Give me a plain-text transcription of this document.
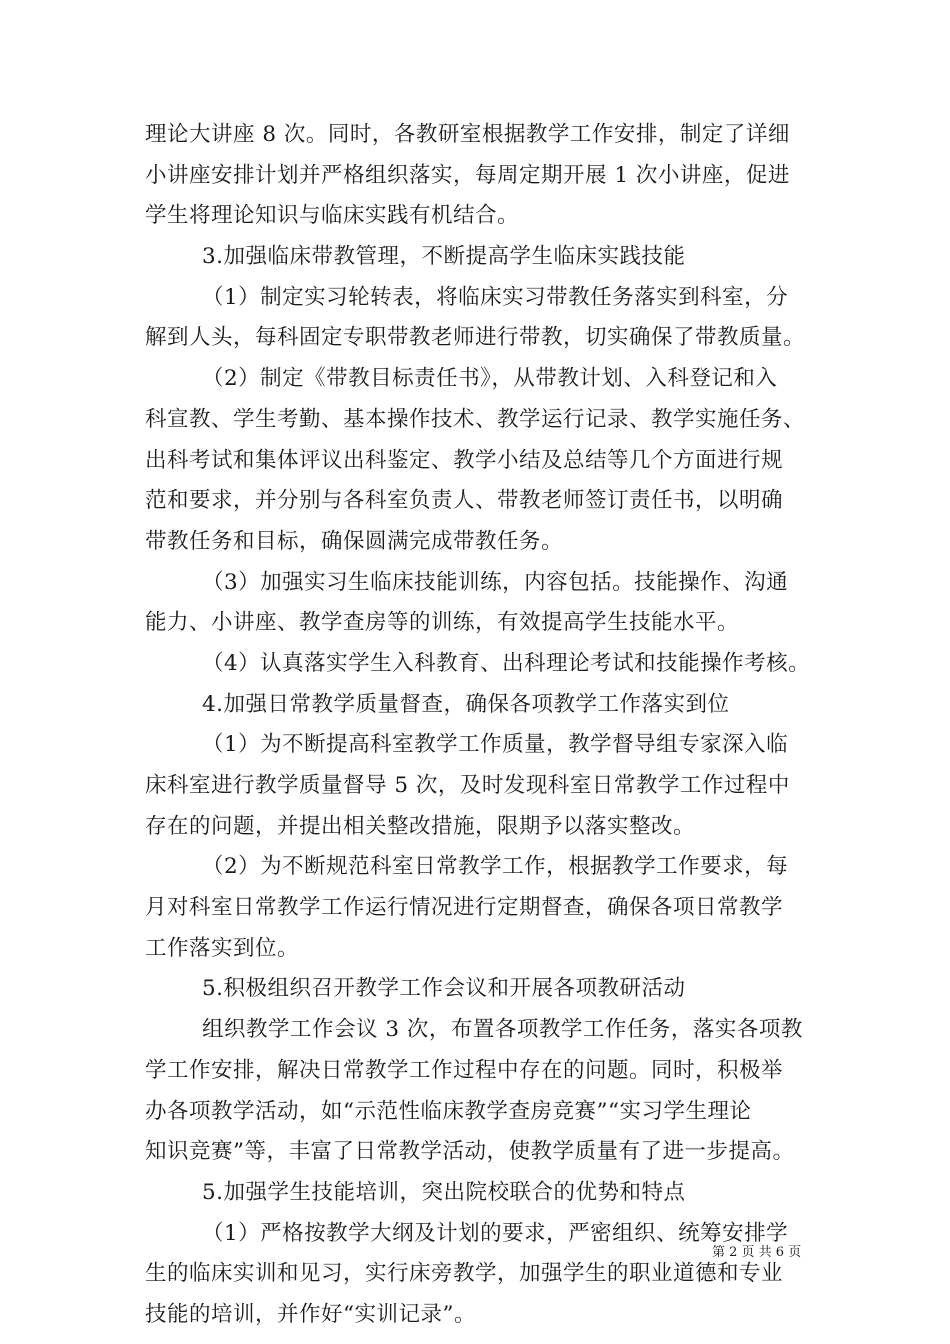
理论大讲座 8 次。同时，各教研室根据教学工作安排，制定了详细
小讲座安排计划并严格组织落实，每周定期开展 1 次小讲座，促进
学生将理论知识与临床实践有机结合。
3.加强临床带教管理，不断提高学生临床实践技能
（1）制定实习轮转表，将临床实习带教任务落实到科室，分
解到人头，每科固定专职带教老师进行带教，切实确保了带教质量。
（2）制定《带教目标责任书》，从带教计划、入科登记和入
科宣教、学生考勤、基本操作技术、教学运行记录、教学实施任务、
出科考试和集体评议出科鉴定、教学小结及总结等几个方面进行规
范和要求，并分别与各科室负责人、带教老师签订责任书，以明确
带教任务和目标，确保圆满完成带教任务。
（3）加强实习生临床技能训练，内容包括。技能操作、沟通
能力、小讲座、教学查房等的训练，有效提高学生技能水平。
（4）认真落实学生入科教育、出科理论考试和技能操作考核。
4.加强日常教学质量督查，确保各项教学工作落实到位
（1）为不断提高科室教学工作质量，教学督导组专家深入临
床科室进行教学质量督导 5 次，及时发现科室日常教学工作过程中
存在的问题，并提出相关整改措施，限期予以落实整改。
（2）为不断规范科室日常教学工作，根据教学工作要求，每
月对科室日常教学工作运行情况进行定期督查，确保各项日常教学
工作落实到位。
5.积极组织召开教学工作会议和开展各项教研活动
组织教学工作会议 3 次，布置各项教学工作任务，落实各项教
学工作安排，解决日常教学工作过程中存在的问题。同时，积极举
办各项教学活动，如“示范性临床教学查房竞赛”“实习学生理论
知识竞赛”等，丰富了日常教学活动，使教学质量有了进一步提高。
5.加强学生技能培训，突出院校联合的优势和特点
（1）严格按教学大纲及计划的要求，严密组织、统筹安排学
生的临床实训和见习，实行床旁教学，加强学生的职业道德和专业
技能的培训，并作好“实训记录”。
第 2 页 共 6 页
